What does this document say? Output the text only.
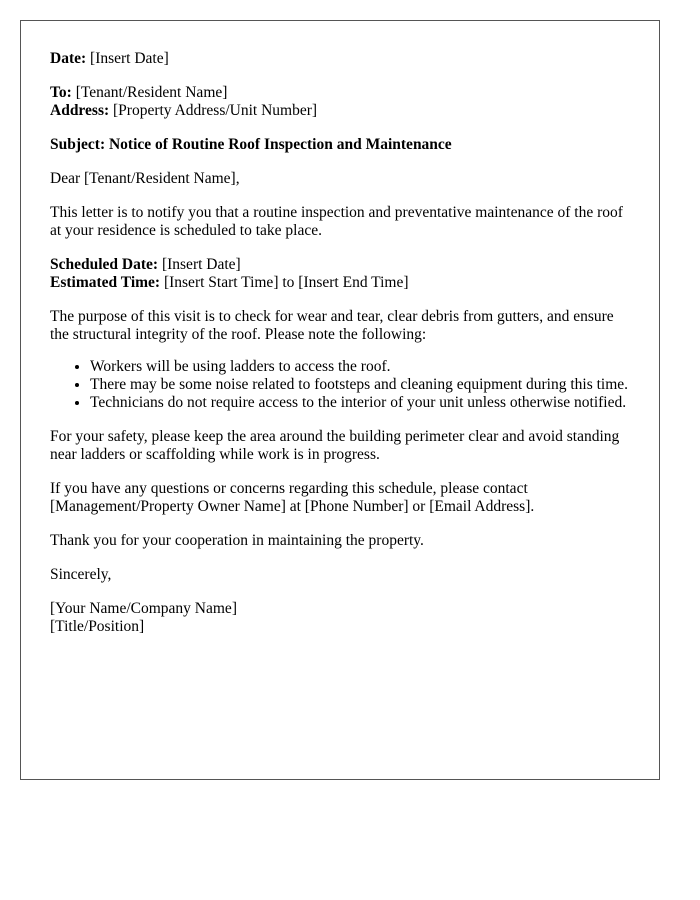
Date: [Insert Date]

To: [Tenant/Resident Name]
Address: [Property Address/Unit Number]

Subject: Notice of Routine Roof Inspection and Maintenance

Dear [Tenant/Resident Name],

This letter is to notify you that a routine inspection and preventative maintenance of the roof at your residence is scheduled to take place.

Scheduled Date: [Insert Date]
Estimated Time: [Insert Start Time] to [Insert End Time]

The purpose of this visit is to check for wear and tear, clear debris from gutters, and ensure the structural integrity of the roof. Please note the following:

• Workers will be using ladders to access the roof.
• There may be some noise related to footsteps and cleaning equipment during this time.
• Technicians do not require access to the interior of your unit unless otherwise notified.

For your safety, please keep the area around the building perimeter clear and avoid standing near ladders or scaffolding while work is in progress.

If you have any questions or concerns regarding this schedule, please contact [Management/Property Owner Name] at [Phone Number] or [Email Address].

Thank you for your cooperation in maintaining the property.

Sincerely,

[Your Name/Company Name]
[Title/Position]
